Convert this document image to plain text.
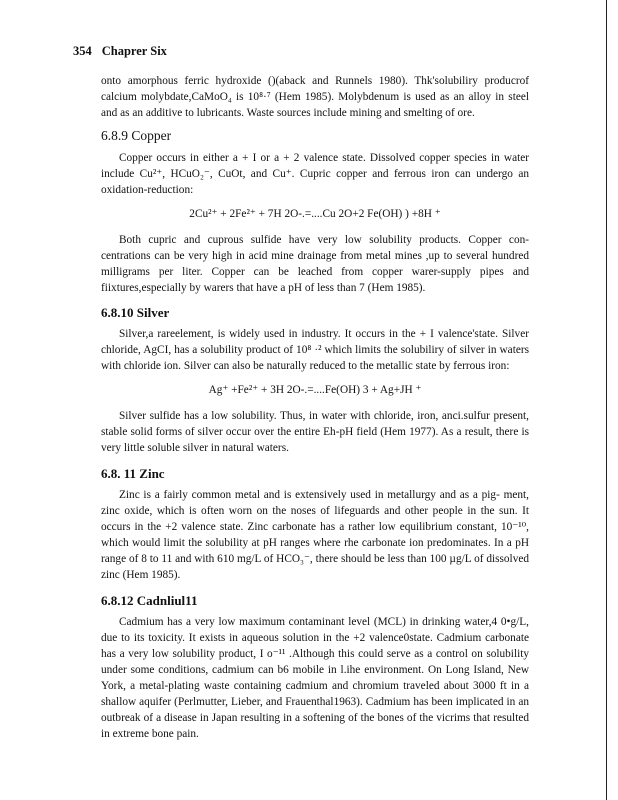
354 Chaprer Six

onto amorphous ferric hydroxide ()(aback and Runnels 1980). Thk'solubiliry producrof calcium molybdate,CaMoO₄ is 10⁸·⁷ (Hem 1985). Molybdenum is used as an alloy in steel and as an additive to lubricants. Waste sources include mining and smelting of ore.

6.8.9 Copper

Copper occurs in either a + I or a + 2 valence state. Dissolved copper species in water include Cu²⁺, HCuO₂⁻, CuOt, and Cu⁺. Cupric copper and ferrous iron can undergo an oxidation-reduction:

2Cu²⁺ + 2Fe²⁺ + 7H 2O-.=....Cu 2O+2 Fe(OH) ) +8H ⁺

Both cupric and cuprous sulfide have very low solubility products. Copper con- centrations can be very high in acid mine drainage from metal mines ,up to several hundred milligrams per liter. Copper can be leached from copper warer-supply pipes and fiixtures,especially by warers that have a pH of less than 7 (Hem 1985).

6.8.10 Silver

Silver,a rareelement, is widely used in industry. It occurs in the + I valence'state. Silver chloride, AgCI, has a solubility product of 10⁸ ·² which limits the solubiliry of silver in waters with chloride ion. Silver can also be naturally reduced to the metallic state by ferrous iron:

Ag⁺ +Fe²⁺ + 3H 2O-.=....Fe(OH) 3 + Ag+JH ⁺

Silver sulfide has a low solubility. Thus, in water with chloride, iron, anci.sulfur present, stable solid forms of silver occur over the entire Eh-pH field (Hem 1977). As a result, there is very little soluble silver in natural waters.

6.8. 11 Zinc

Zinc is a fairly common metal and is extensively used in metallurgy and as a pig- ment, zinc oxide, which is often worn on the noses of lifeguards and other people in the sun. It occurs in the +2 valence state. Zinc carbonate has a rather low equilibrium constant, 10⁻¹⁰, which would limit the solubility at pH ranges where rhe carbonate ion predominates. In a pH range of 8 to 11 and with 610 mg/L of HCO₃⁻, there should be less than 100 µg/L of dissolved zinc (Hem 1985).

6.8.12 Cadnliul11

Cadmium has a very low maximum contaminant level (MCL) in drinking water,4 0•g/L, due to its toxicity. It exists in aqueous solution in the +2 valence0state. Cadmium carbonate has a very low solubility product, I o⁻¹¹ .Although this could serve as a control on solubility under some conditions, cadmium can b6 mobile in l.ihe environment. On Long Island, New York, a metal-plating waste containing cadmium and chromium traveled about 3000 ft in a shallow aquifer (Perlmutter, Lieber, and Frauenthal1963). Cadmium has been implicated in an outbreak of a disease in Japan resulting in a softening of the bones of the vicrims that resulted in extreme bone pain.
